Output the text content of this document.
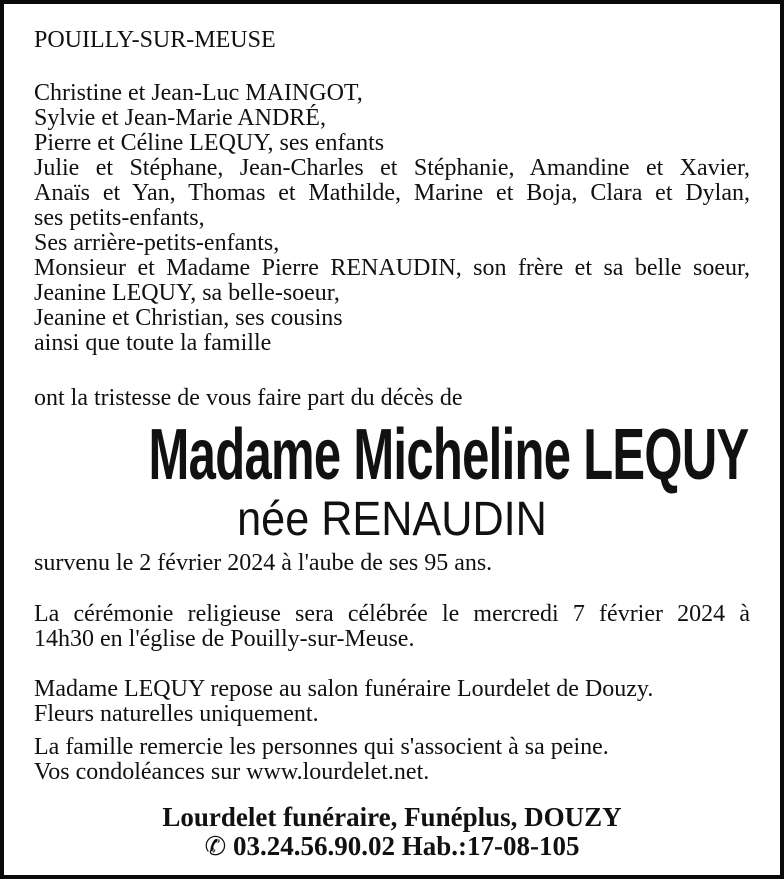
POUILLY-SUR-MEUSE
Christine et Jean-Luc MAINGOT,
Sylvie et Jean-Marie ANDRÉ,
Pierre et Céline LEQUY, ses enfants
Julie et Stéphane, Jean-Charles et Stéphanie, Amandine et Xavier,
Anaïs et Yan, Thomas et Mathilde, Marine et Boja, Clara et Dylan,
ses petits-enfants,
Ses arrière-petits-enfants,
Monsieur et Madame Pierre RENAUDIN, son frère et sa belle soeur,
Jeanine LEQUY, sa belle-soeur,
Jeanine et Christian, ses cousins
ainsi que toute la famille
ont la tristesse de vous faire part du décès de
Madame Micheline LEQUY
née RENAUDIN
survenu le 2 février 2024 à l'aube de ses 95 ans.
La cérémonie religieuse sera célébrée le mercredi 7 février 2024 à
14h30 en l'église de Pouilly-sur-Meuse.
Madame LEQUY repose au salon funéraire Lourdelet de Douzy.
Fleurs naturelles uniquement.
La famille remercie les personnes qui s'associent à sa peine.
Vos condoléances sur www.lourdelet.net.
Lourdelet funéraire, Funéplus, DOUZY
✆ 03.24.56.90.02 Hab.:17-08-105
